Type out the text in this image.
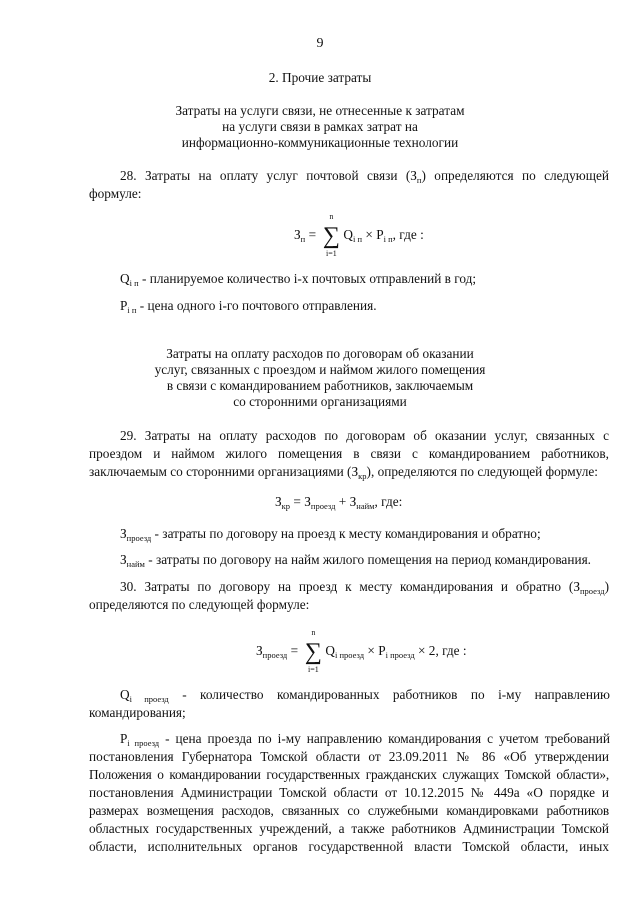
9
2. Прочие затраты
Затраты на услуги связи, не отнесенные к затратам
на услуги связи в рамках затрат на
информационно-коммуникационные технологии
28. Затраты на оплату услуг почтовой связи $(З_п)$ определяются по следующей
формуле:
$З_п$ =
n
∑
i=1
$Q_{i п} \times P_{i п}$, где :
$Q_{i п}$ - планируемое количество i-х почтовых отправлений в год;
$P_{i п}$ - цена одного i-го почтового отправления.
Затраты на оплату расходов по договорам об оказании
услуг, связанных с проездом и наймом жилого помещения
в связи с командированием работников, заключаемым
со сторонними организациями
29. Затраты на оплату расходов по договорам об оказании услуг, связанных с
проездом и наймом жилого помещения в связи с командированием работников,
заключаемым со сторонними организациями $(З_{кр})$, определяются по следующей формуле:
$З_{кр} = З_{проезд} + З_{найм}$, где:
$З_{проезд}$ - затраты по договору на проезд к месту командирования и обратно;
$З_{найм}$ - затраты по договору на найм жилого помещения на период командирования.
30. Затраты по договору на проезд к месту командирования и обратно $(З_{проезд})$
определяются по следующей формуле:
$З_{проезд}$ =
n
∑
i=1
$Q_{i проезд} \times P_{i проезд} \times 2$, где :
$Q_{i проезд}$ - количество командированных работников по i-му направлению
командирования;
$P_{i проезд}$ - цена проезда по i-му направлению командирования с учетом требований
постановления Губернатора Томской области от 23.09.2011 № 86 «Об утверждении
Положения о командировании государственных гражданских служащих Томской области»,
постановления Администрации Томской области от 10.12.2015 № 449а «О порядке и
размерах возмещения расходов, связанных со служебными командировками работников
областных государственных учреждений, а также работников Администрации Томской
области, исполнительных органов государственной власти Томской области, иных
